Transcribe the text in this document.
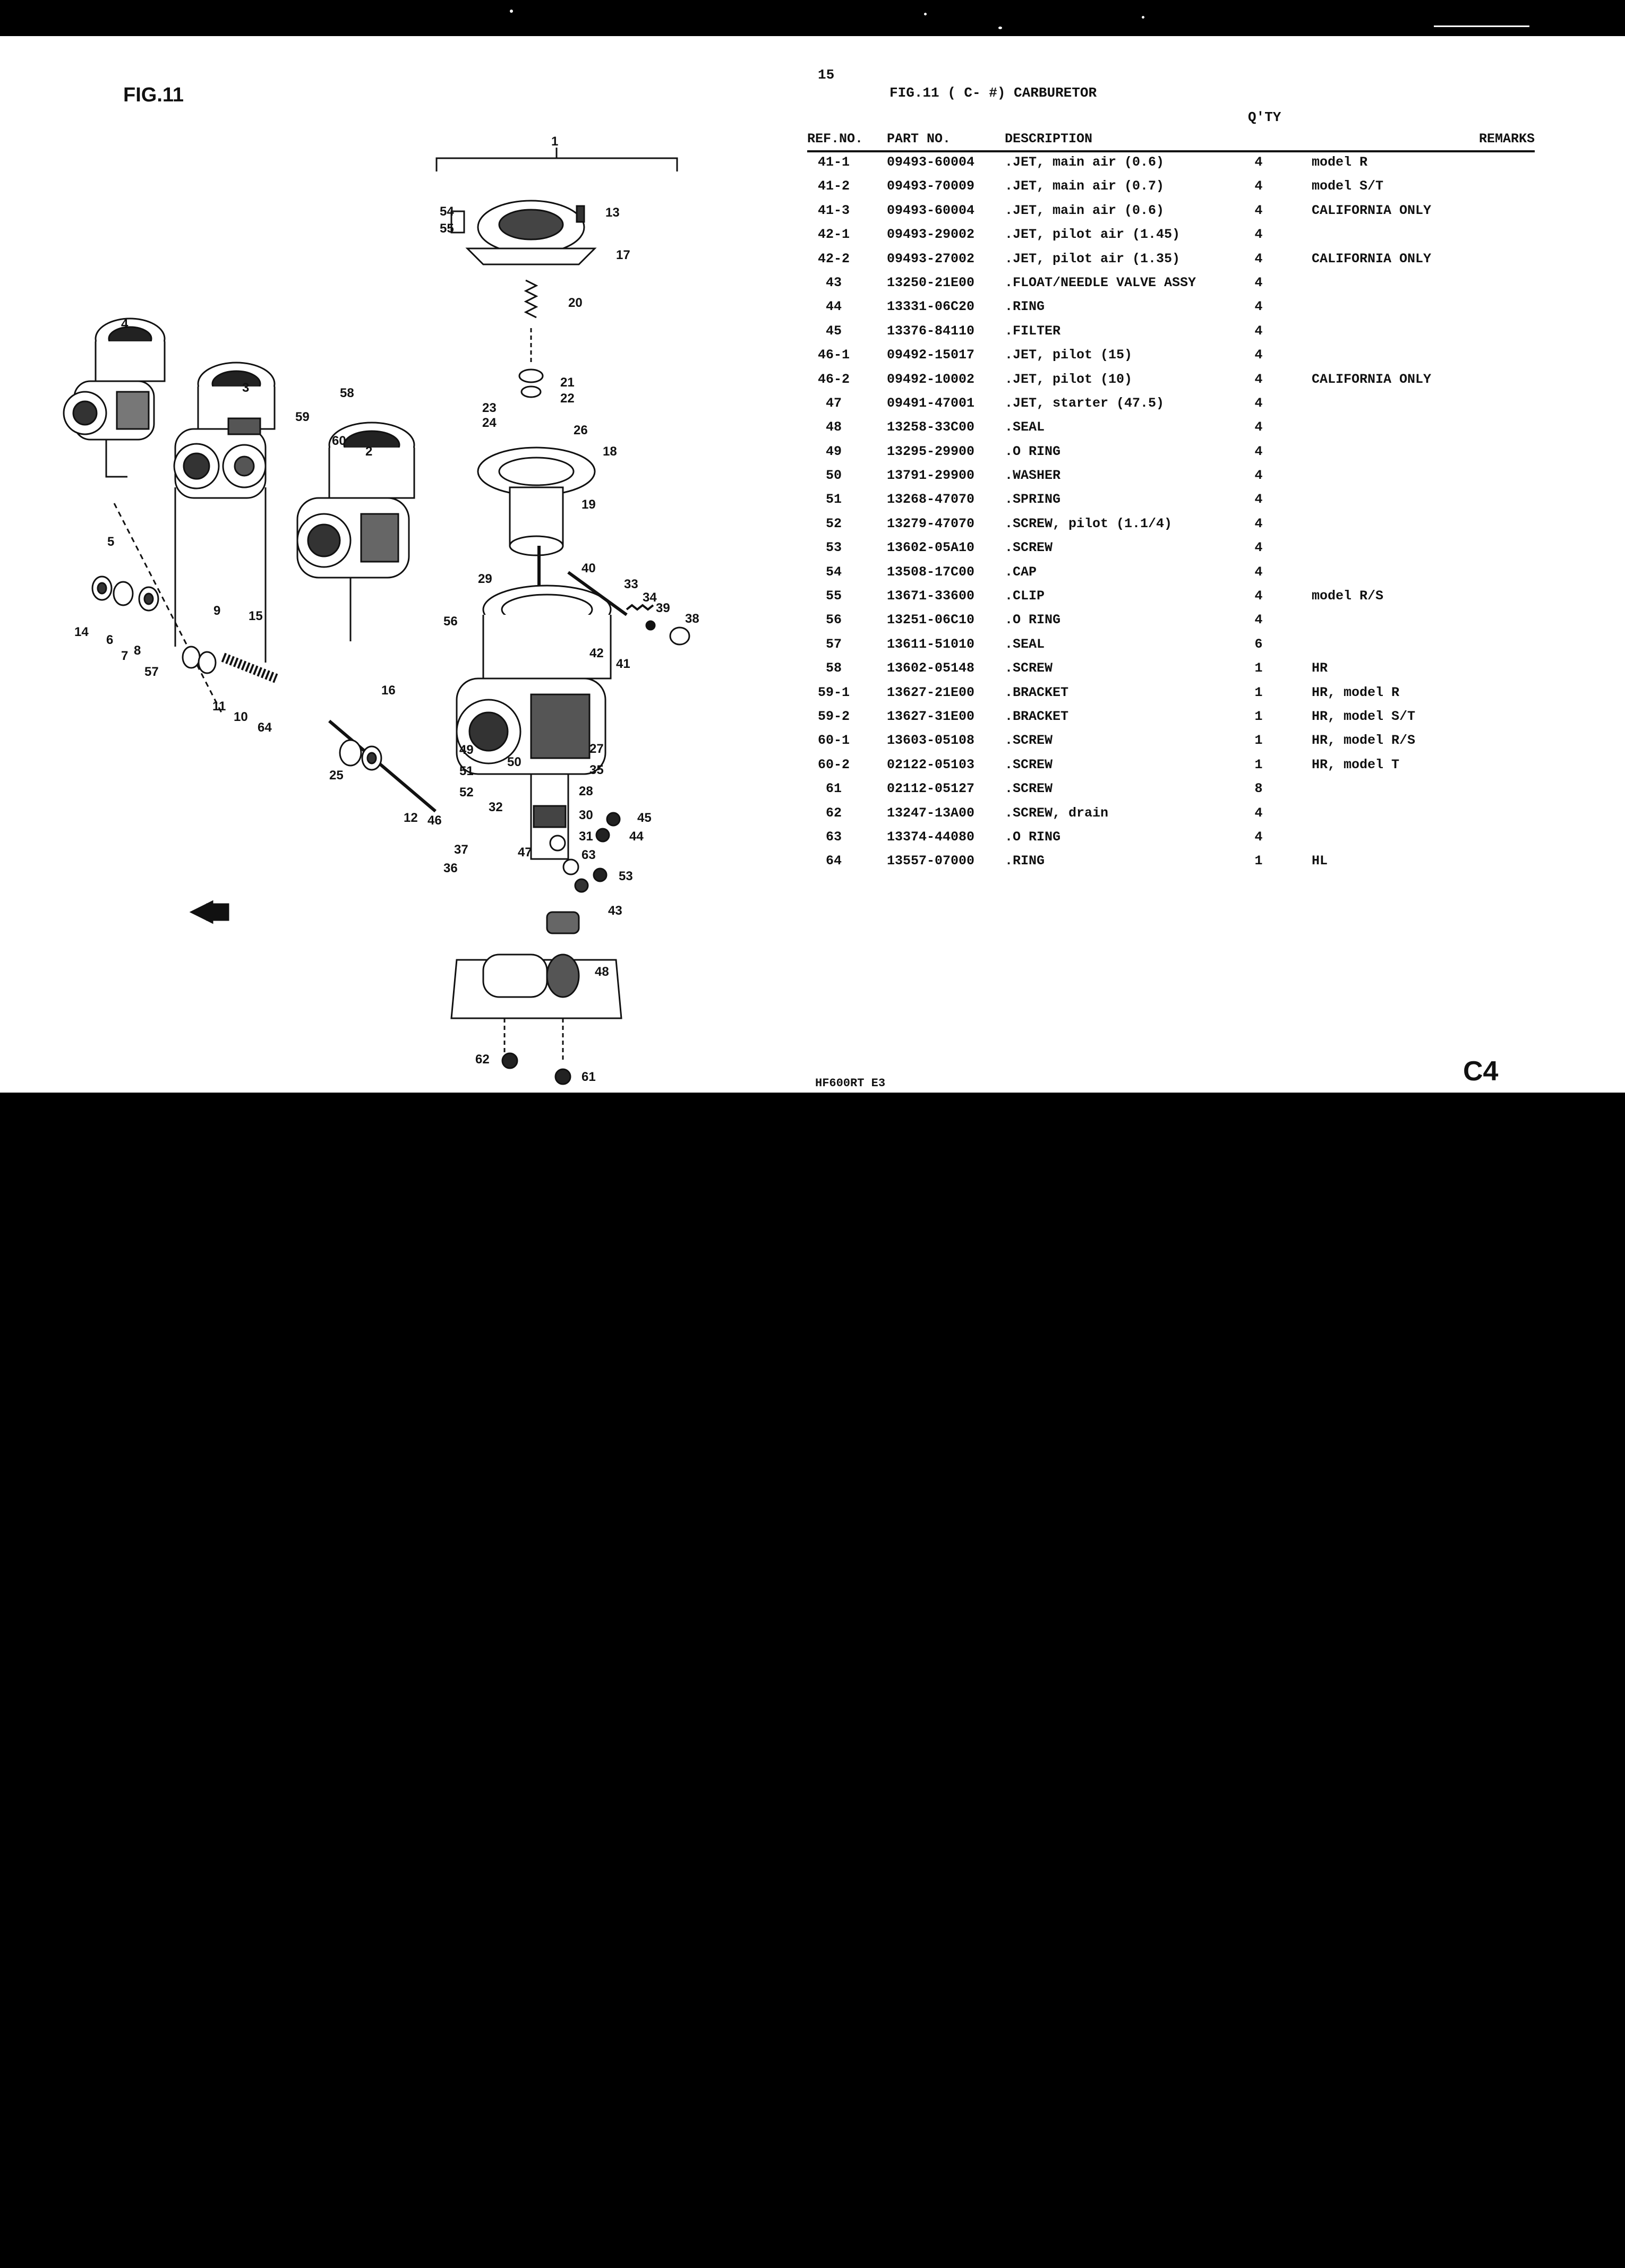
FIG.11
1
2
3
4
5
6
7 8
9
10
11
12
13
14
15
16
17
18
19
20
21
22
23
24
25
26
27
28
29
30
31
32
33
34
35
36
37
38
39
40
41
42
43
44
45
46
47
48
49
50
51
52
53
54
55
56
57
58
59
60
61
62
63
64
15
FIG.11 ( C- #) CARBURETOR
Q'TY
REF.NO. PART NO.	DESCRIPTION	REMARKS
41-1	09493-60004 .JET, main air (0.6)	4	model R
41-2	09493-70009 .JET, main air (0.7)	4	model S/T
41-3	09493-60004 .JET, main air (0.6)	4	CALIFORNIA ONLY
42-1	09493-29002 .JET, pilot air (1.45)	4
42-2	09493-27002 .JET, pilot air (1.35)	4	CALIFORNIA ONLY
43	13250-21E00 .FLOAT/NEEDLE VALVE ASSY	4
44	13331-06C20 .RING	4
45	13376-84110 .FILTER	4
46-1	09492-15017 .JET, pilot (15)	4
46-2	09492-10002 .JET, pilot (10)	4	CALIFORNIA ONLY
47	09491-47001 .JET, starter (47.5)	4
48	13258-33C00 .SEAL	4
49	13295-29900 .O RING	4
50	13791-29900 .WASHER	4
51	13268-47070 .SPRING	4
52	13279-47070 .SCREW, pilot (1.1/4)	4
53	13602-05A10 .SCREW	4
54	13508-17C00 .CAP	4
55	13671-33600 .CLIP	4	model R/S
56	13251-06C10 .O RING	4
57	13611-51010 .SEAL	6
58	13602-05148 .SCREW	1	HR
59-1	13627-21E00 .BRACKET	1	HR, model R
59-2	13627-31E00 .BRACKET	1	HR, model S/T
60-1	13603-05108 .SCREW	1	HR, model R/S
60-2	02122-05103 .SCREW	1	HR, model T
61	02112-05127 .SCREW	8
62	13247-13A00 .SCREW, drain	4
63	13374-44080 .O RING	4
64	13557-07000 .RING	1	HL
HF600RT E3	C4
